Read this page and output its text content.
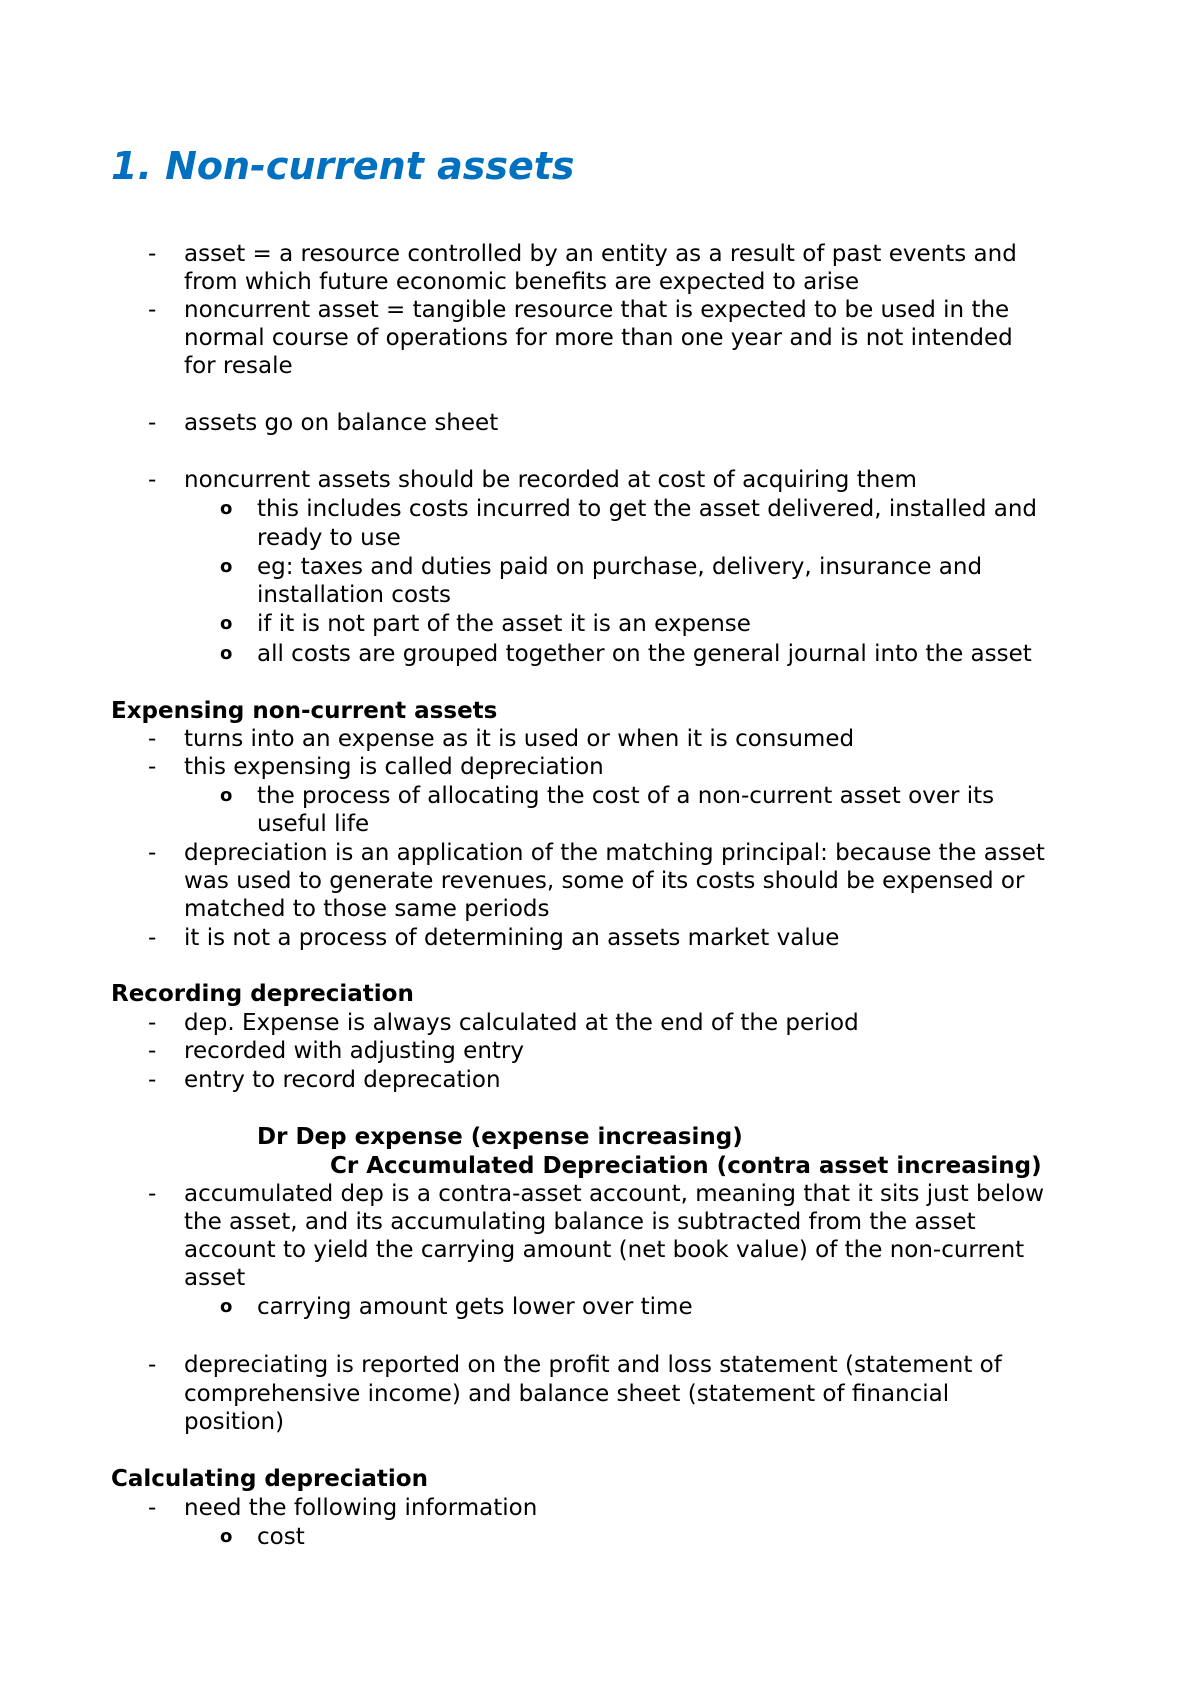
1. Non-current assets
- asset = a resource controlled by an entity as a result of past events and
from which future economic benefits are expected to arise
- noncurrent asset = tangible resource that is expected to be used in the
normal course of operations for more than one year and is not intended
for resale
- assets go on balance sheet
- noncurrent assets should be recorded at cost of acquiring them
o this includes costs incurred to get the asset delivered, installed and
ready to use
o eg: taxes and duties paid on purchase, delivery, insurance and
installation costs
o if it is not part of the asset it is an expense
o all costs are grouped together on the general journal into the asset
Expensing non-current assets
- turns into an expense as it is used or when it is consumed
- this expensing is called depreciation
o the process of allocating the cost of a non-current asset over its
useful life
- depreciation is an application of the matching principal: because the asset
was used to generate revenues, some of its costs should be expensed or
matched to those same periods
- it is not a process of determining an assets market value
Recording depreciation
- dep. Expense is always calculated at the end of the period
- recorded with adjusting entry
- entry to record deprecation
Dr Dep expense (expense increasing)
Cr Accumulated Depreciation (contra asset increasing)
- accumulated dep is a contra-asset account, meaning that it sits just below
the asset, and its accumulating balance is subtracted from the asset
account to yield the carrying amount (net book value) of the non-current
asset
o carrying amount gets lower over time
- depreciating is reported on the profit and loss statement (statement of
comprehensive income) and balance sheet (statement of financial
position)
Calculating depreciation
- need the following information
o cost
